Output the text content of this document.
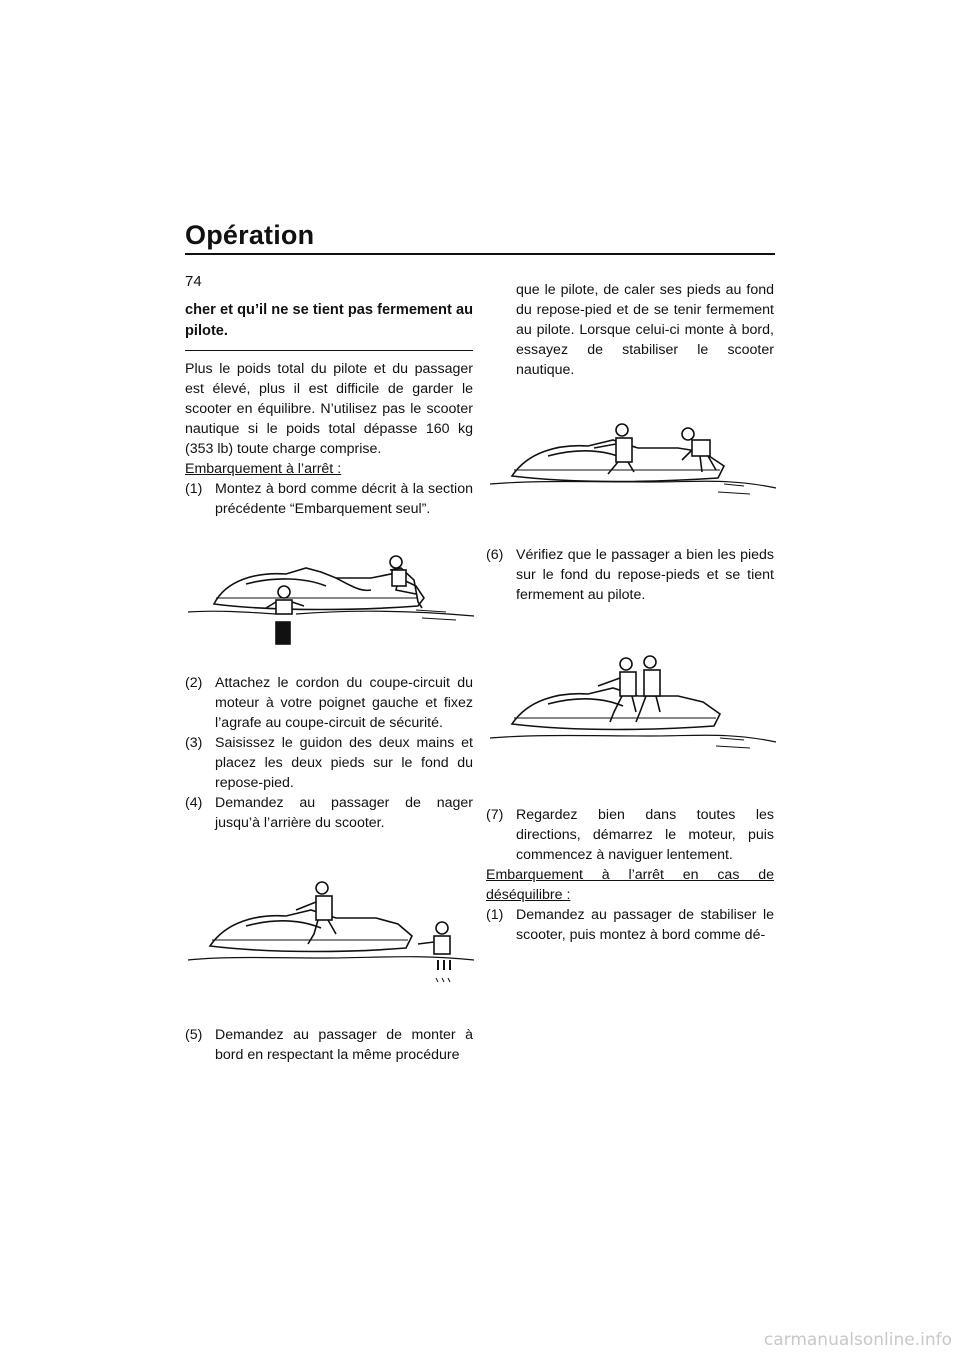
Opération
74

cher et qu’il ne se tient pas fermement au pilote.

Plus le poids total du pilote et du passager est élevé, plus il est difficile de garder le scooter en équilibre. N’utilisez pas le scooter nautique si le poids total dépasse 160 kg (353 lb) toute charge comprise.

Embarquement à l’arrêt :

(1) Montez à bord comme décrit à la section précédente “Embarquement seul”.
(2) Attachez le cordon du coupe-circuit du moteur à votre poignet gauche et fixez l’agrafe au coupe-circuit de sécurité.
(3) Saisissez le guidon des deux mains et placez les deux pieds sur le fond du repose-pied.
(4) Demandez au passager de nager jusqu’à l’arrière du scooter.
(5) Demandez au passager de monter à bord en respectant la même procédure

que le pilote, de caler ses pieds au fond du repose-pied et de se tenir fermement au pilote. Lorsque celui-ci monte à bord, essayez de stabiliser le scooter nautique.

(6) Vérifiez que le passager a bien les pieds sur le fond du repose-pieds et se tient fermement au pilote.
(7) Regardez bien dans toutes les directions, démarrez le moteur, puis commencez à naviguer lentement.

Embarquement à l’arrêt en cas de déséquilibre :

(1) Demandez au passager de stabiliser le scooter, puis montez à bord comme dé-
carmanualsonline.info
